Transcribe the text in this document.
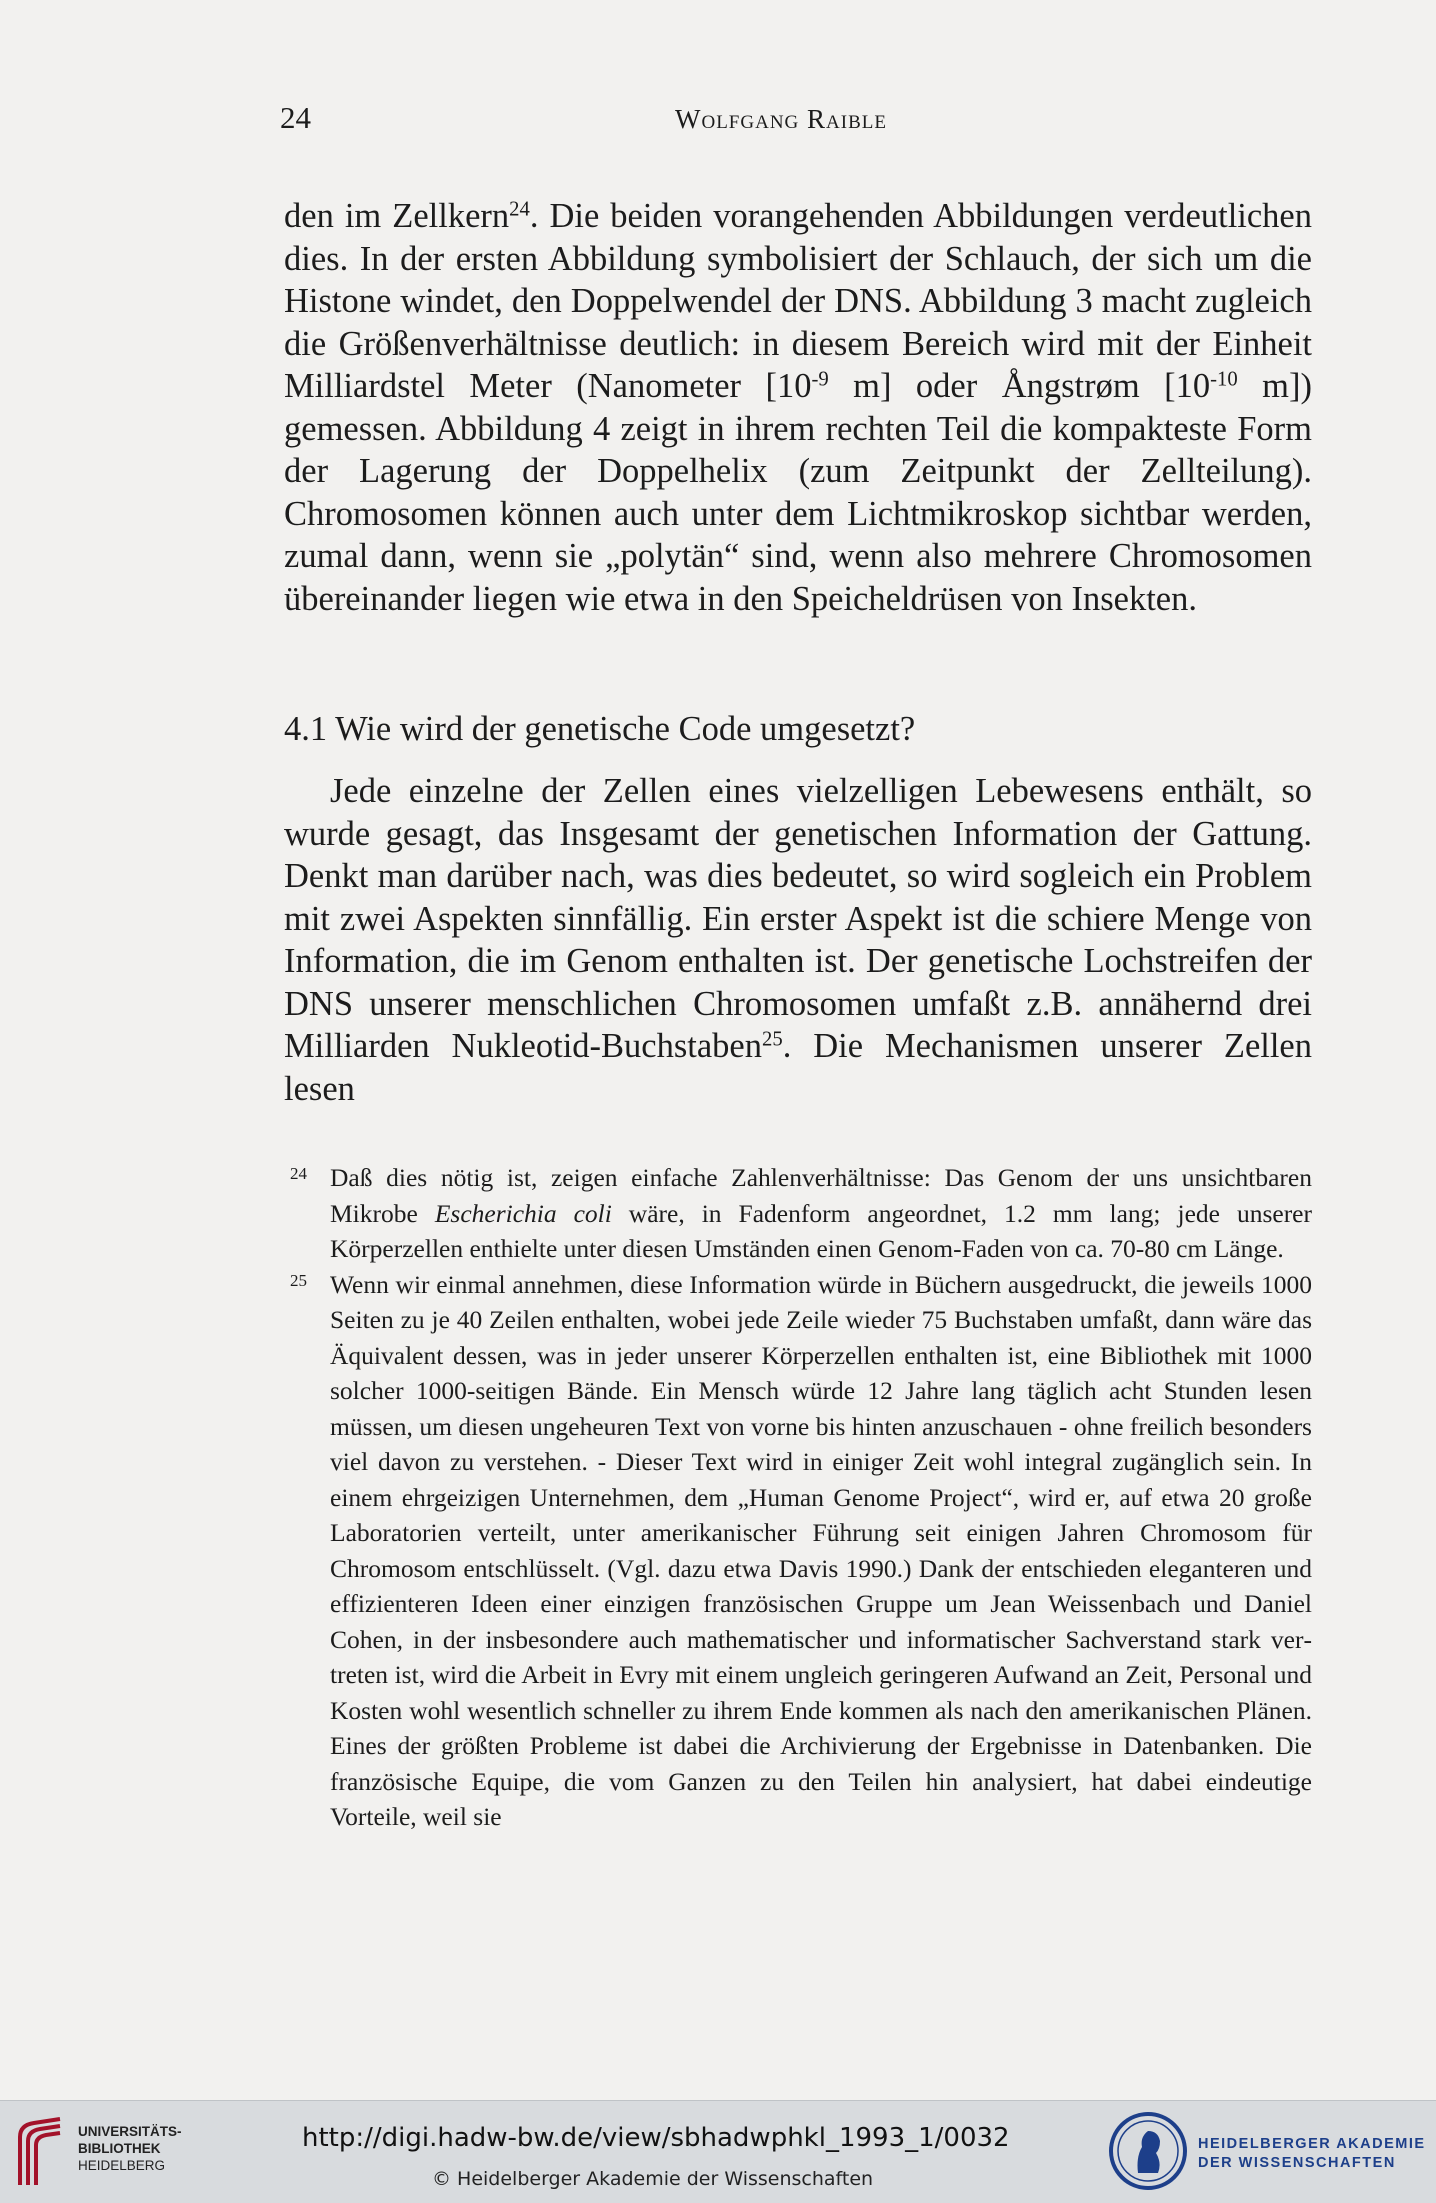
24	Wolfgang Raible

den im Zellkern$^{24}$. Die beiden vorangehenden Abbildungen verdeutlichen dies. In der ersten Abbildung symbolisiert der Schlauch, der sich um die Histone windet, den Doppelwendel der DNS. Abbildung 3 macht zugleich die Größenverhältnisse deutlich: in diesem Bereich wird mit der Einheit Milliardstel Meter (Nanometer [$10^{-9}$ m] oder Ångstrøm [$10^{-10}$ m]) gemessen. Abbildung 4 zeigt in ihrem rechten Teil die kompakteste Form der Lagerung der Doppelhelix (zum Zeitpunkt der Zellteilung). Chromosomen können auch unter dem Lichtmikroskop sichtbar werden, zumal dann, wenn sie „polytän“ sind, wenn also mehrere Chromosomen übereinander liegen wie etwa in den Speicheldrüsen von Insekten.

4.1 Wie wird der genetische Code umgesetzt?

Jede einzelne der Zellen eines vielzelligen Lebewesens enthält, so wurde gesagt, das Insgesamt der genetischen Information der Gattung. Denkt man darüber nach, was dies bedeutet, so wird sogleich ein Problem mit zwei Aspekten sinnfällig. Ein erster Aspekt ist die schiere Menge von Information, die im Genom enthalten ist. Der genetische Lochstreifen der DNS unserer menschlichen Chromosomen umfaßt z.B. annähernd drei Milliarden Nukleotid-Buchstaben$^{25}$. Die Mechanismen unserer Zellen lesen

24 Daß dies nötig ist, zeigen einfache Zahlenverhältnisse: Das Genom der uns unsichtbaren Mikrobe Escherichia coli wäre, in Fadenform angeordnet, 1.2 mm lang; jede unserer Körperzellen enthielte unter diesen Umständen einen Genom-Faden von ca. 70-80 cm Länge.
25 Wenn wir einmal annehmen, diese Information würde in Büchern ausgedruckt, die jeweils 1000 Seiten zu je 40 Zeilen enthalten, wobei jede Zeile wieder 75 Buchstaben umfaßt, dann wäre das Äquivalent dessen, was in jeder unserer Körperzellen enthalten ist, eine Bibliothek mit 1000 solcher 1000-seitigen Bände. Ein Mensch würde 12 Jahre lang täglich acht Stunden lesen müssen, um diesen ungeheuren Text von vorne bis hinten anzuschauen - ohne freilich besonders viel davon zu verstehen. - Dieser Text wird in einiger Zeit wohl integral zugänglich sein. In einem ehrgeizigen Unternehmen, dem „Human Genome Project“, wird er, auf etwa 20 große Laboratorien verteilt, unter amerikanischer Führung seit einigen Jahren Chromosom für Chromosom entschlüsselt. (Vgl. dazu etwa Davis 1990.) Dank der entschieden eleganteren und effizienteren Ideen einer einzigen französischen Gruppe um Jean Weissenbach und Daniel Cohen, in der insbesondere auch mathematischer und informatischer Sachverstand stark vertreten ist, wird die Arbeit in Evry mit einem ungleich geringeren Aufwand an Zeit, Personal und Kosten wohl wesentlich schneller zu ihrem Ende kommen als nach den amerikanischen Plänen. Eines der größten Probleme ist dabei die Archivierung der Ergebnisse in Datenbanken. Die französische Equipe, die vom Ganzen zu den Teilen hin analysiert, hat dabei eindeutige Vorteile, weil sie
UNIVERSITÄTS-
BIBLIOTHEK
HEIDELBERG
http://digi.hadw-bw.de/view/sbhadwphkl_1993_1/0032
© Heidelberger Akademie der Wissenschaften
HEIDELBERGER AKADEMIE
DER WISSENSCHAFTEN
